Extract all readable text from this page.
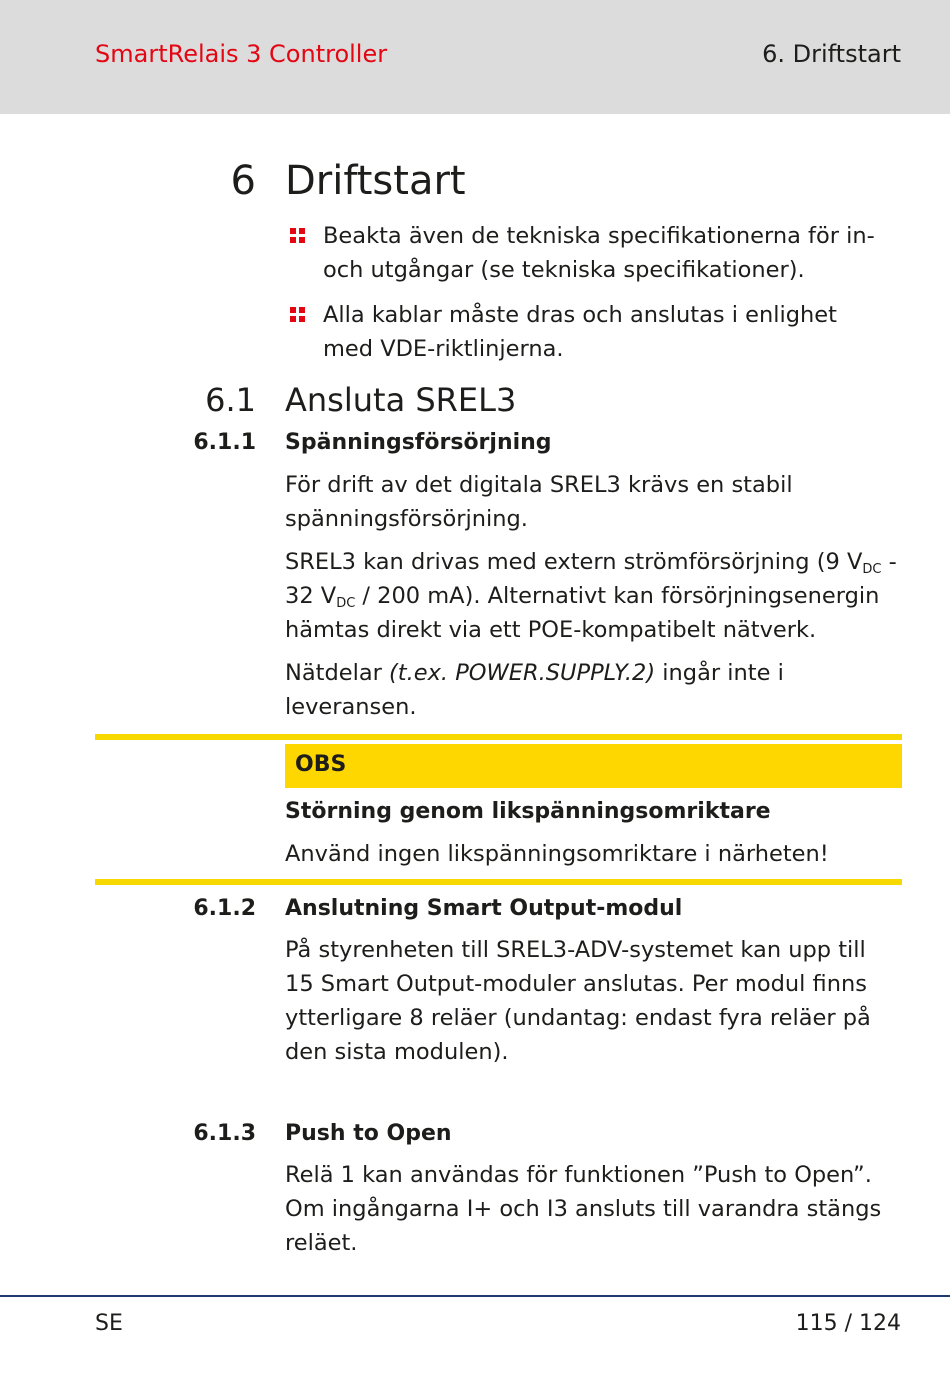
SmartRelais 3 Controller	6. Driftstart
6 Driftstart
Beakta även de tekniska specifikationerna för in- och utgångar (se tekniska specifikationer).
Alla kablar måste dras och anslutas i enlighet med VDE-riktlinjerna.
6.1 Ansluta SREL3
6.1.1 Spänningsförsörjning
För drift av det digitala SREL3 krävs en stabil spänningsförsörjning.
SREL3 kan drivas med extern strömförsörjning (9 $V_{DC} - 32$ $V_{DC} / 200$ mA). Alternativt kan försörjningsenergin hämtas direkt via ett POE-kompatibelt nätverk.
Nätdelar (t.ex. POWER.SUPPLY.2) ingår inte i leveransen.
OBS
Störning genom likspänningsomriktare
Använd ingen likspänningsomriktare i närheten!
6.1.2 Anslutning Smart Output-modul
På styrenheten till SREL3-ADV-systemet kan upp till 15 Smart Output-moduler anslutas. Per modul finns ytterligare 8 reläer (undantag: endast fyra reläer på den sista modulen).
6.1.3 Push to Open
Relä 1 kan användas för funktionen ”Push to Open”. Om ingångarna I+ och I3 ansluts till varandra stängs reläet.
SE	115 / 124
